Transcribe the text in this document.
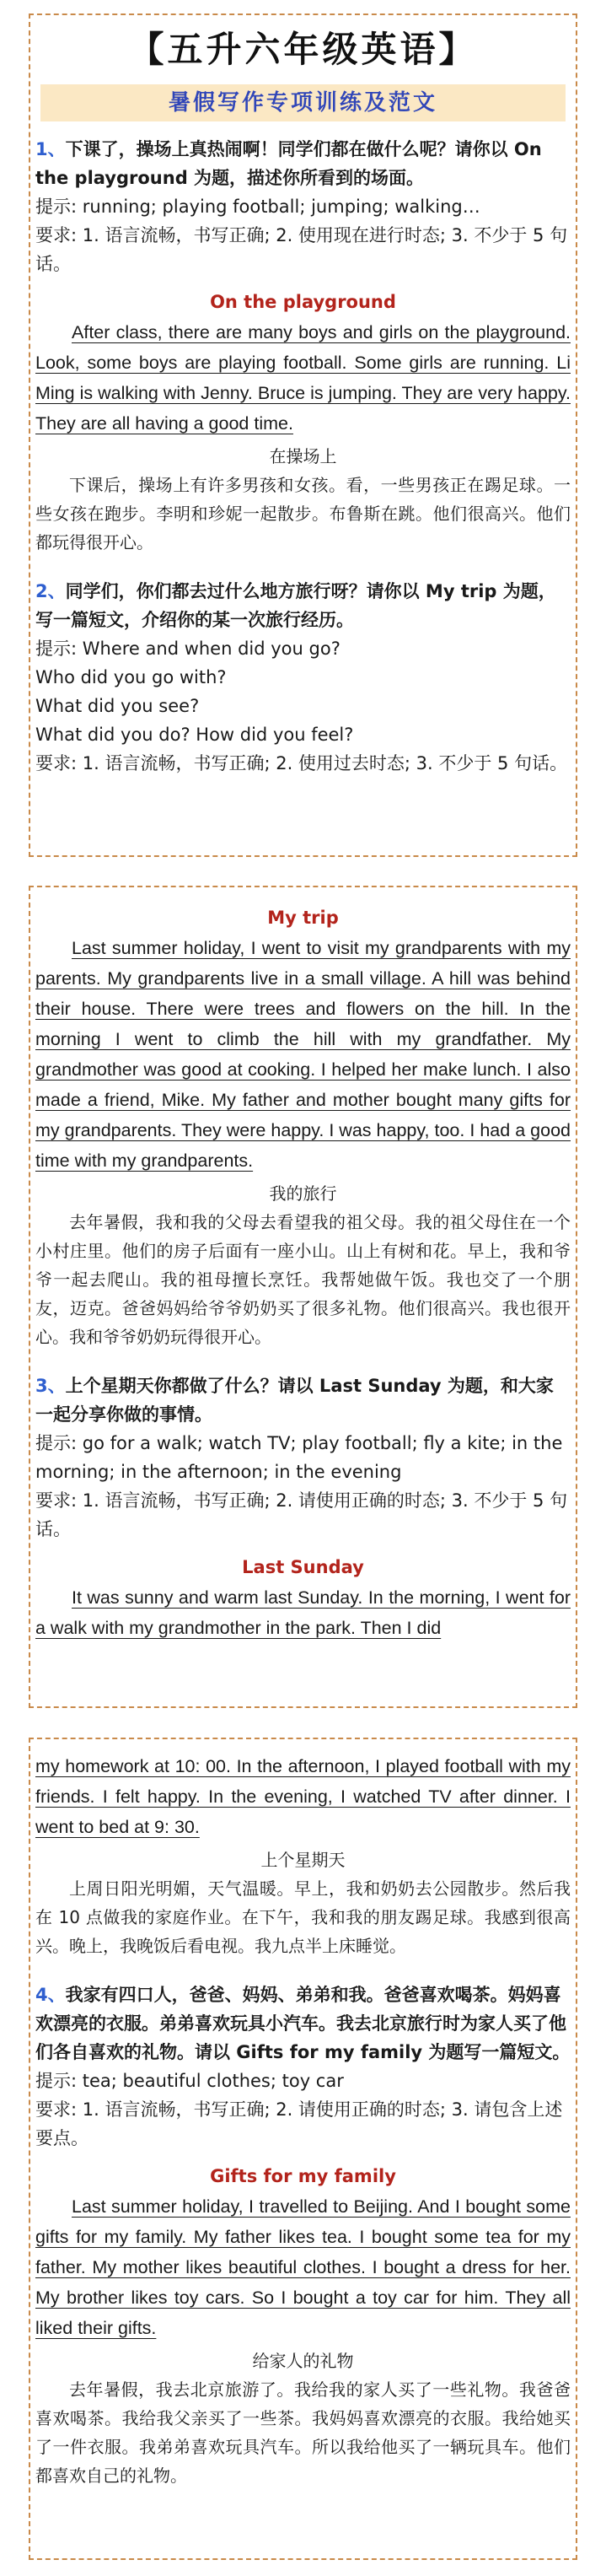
【五升六年级英语】
暑假写作专项训练及范文
1、下课了，操场上真热闹啊！同学们都在做什么呢？请你以 On the playground 为题，描述你所看到的场面。
提示: running; playing football; jumping; walking…
要求: 1. 语言流畅，书写正确; 2. 使用现在进行时态; 3. 不少于 5 句话。
On the playground
After class, there are many boys and girls on the playground. Look, some boys are playing football. Some girls are running. Li Ming is walking with Jenny. Bruce is jumping. They are very happy. They are all having a good time.
在操场上
下课后，操场上有许多男孩和女孩。看，一些男孩正在踢足球。一些女孩在跑步。李明和珍妮一起散步。布鲁斯在跳。他们很高兴。他们都玩得很开心。
2、同学们，你们都去过什么地方旅行呀？请你以 My trip 为题，写一篇短文，介绍你的某一次旅行经历。
提示: Where and when did you go?
Who did you go with?
What did you see?
What did you do? How did you feel?
要求: 1. 语言流畅，书写正确; 2. 使用过去时态; 3. 不少于 5 句话。
My trip
Last summer holiday, I went to visit my grandparents with my parents. My grandparents live in a small village. A hill was behind their house. There were trees and flowers on the hill. In the morning I went to climb the hill with my grandfather. My grandmother was good at cooking. I helped her make lunch. I also made a friend, Mike. My father and mother bought many gifts for my grandparents. They were happy. I was happy, too. I had a good time with my grandparents.
我的旅行
去年暑假，我和我的父母去看望我的祖父母。我的祖父母住在一个小村庄里。他们的房子后面有一座小山。山上有树和花。早上，我和爷爷一起去爬山。我的祖母擅长烹饪。我帮她做午饭。我也交了一个朋友，迈克。爸爸妈妈给爷爷奶奶买了很多礼物。他们很高兴。我也很开心。我和爷爷奶奶玩得很开心。
3、上个星期天你都做了什么？请以 Last Sunday 为题，和大家一起分享你做的事情。
提示: go for a walk; watch TV; play football; fly a kite; in the morning; in the afternoon; in the evening
要求: 1. 语言流畅，书写正确; 2. 请使用正确的时态; 3. 不少于 5 句话。
Last Sunday
It was sunny and warm last Sunday. In the morning, I went for a walk with my grandmother in the park. Then I did
my homework at 10: 00. In the afternoon, I played football with my friends. I felt happy. In the evening, I watched TV after dinner. I went to bed at 9: 30.
上个星期天
上周日阳光明媚，天气温暖。早上，我和奶奶去公园散步。然后我在 10 点做我的家庭作业。在下午，我和我的朋友踢足球。我感到很高兴。晚上，我晚饭后看电视。我九点半上床睡觉。
4、我家有四口人，爸爸、妈妈、弟弟和我。爸爸喜欢喝茶。妈妈喜欢漂亮的衣服。弟弟喜欢玩具小汽车。我去北京旅行时为家人买了他们各自喜欢的礼物。请以 Gifts for my family 为题写一篇短文。
提示: tea; beautiful clothes; toy car
要求: 1. 语言流畅，书写正确; 2. 请使用正确的时态; 3. 请包含上述要点。
Gifts for my family
Last summer holiday, I travelled to Beijing. And I bought some gifts for my family. My father likes tea. I bought some tea for my father. My mother likes beautiful clothes. I bought a dress for her. My brother likes toy cars. So I bought a toy car for him. They all liked their gifts.
给家人的礼物
去年暑假，我去北京旅游了。我给我的家人买了一些礼物。我爸爸喜欢喝茶。我给我父亲买了一些茶。我妈妈喜欢漂亮的衣服。我给她买了一件衣服。我弟弟喜欢玩具汽车。所以我给他买了一辆玩具车。他们都喜欢自己的礼物。
